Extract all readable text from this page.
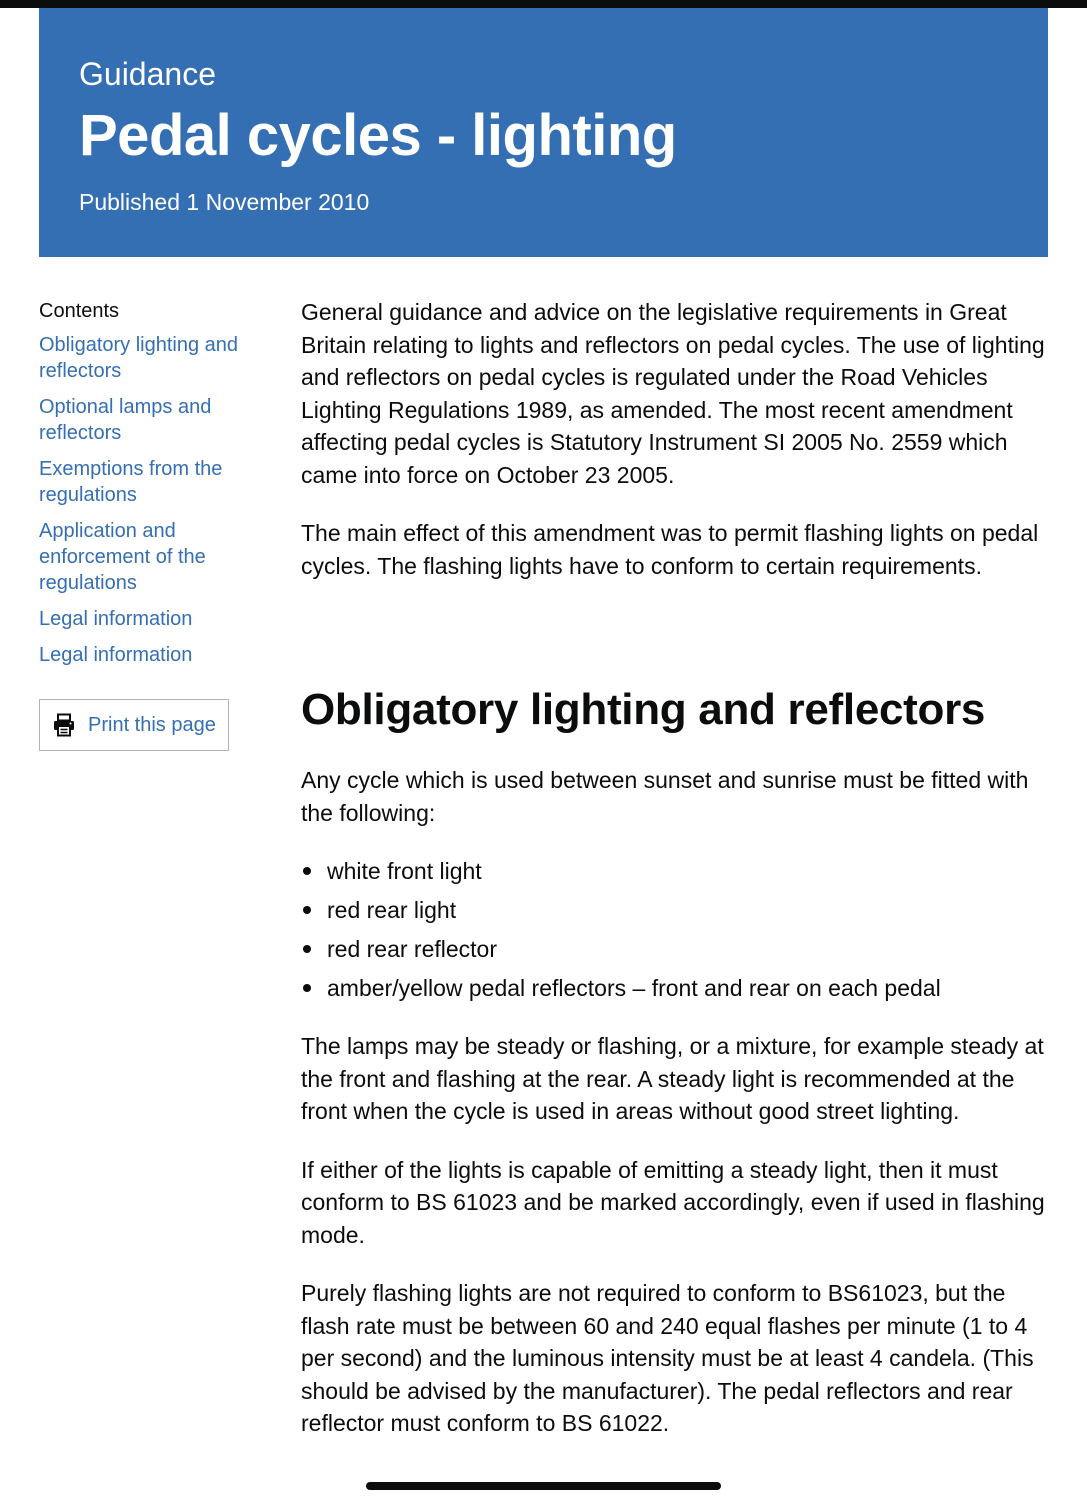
Guidance
Pedal cycles - lighting
Published 1 November 2010
Contents
Obligatory lighting and reflectors
Optional lamps and reflectors
Exemptions from the regulations
Application and enforcement of the regulations
Legal information
Legal information
Print this page

General guidance and advice on the legislative requirements in Great Britain relating to lights and reflectors on pedal cycles. The use of lighting and reflectors on pedal cycles is regulated under the Road Vehicles Lighting Regulations 1989, as amended. The most recent amendment affecting pedal cycles is Statutory Instrument SI 2005 No. 2559 which came into force on October 23 2005.

The main effect of this amendment was to permit flashing lights on pedal cycles. The flashing lights have to conform to certain requirements.

Obligatory lighting and reflectors

Any cycle which is used between sunset and sunrise must be fitted with the following:

white front light
red rear light
red rear reflector
amber/yellow pedal reflectors – front and rear on each pedal

The lamps may be steady or flashing, or a mixture, for example steady at the front and flashing at the rear. A steady light is recommended at the front when the cycle is used in areas without good street lighting.

If either of the lights is capable of emitting a steady light, then it must conform to BS 61023 and be marked accordingly, even if used in flashing mode.

Purely flashing lights are not required to conform to BS61023, but the flash rate must be between 60 and 240 equal flashes per minute (1 to 4 per second) and the luminous intensity must be at least 4 candela. (This should be advised by the manufacturer). The pedal reflectors and rear reflector must conform to BS 61022.
